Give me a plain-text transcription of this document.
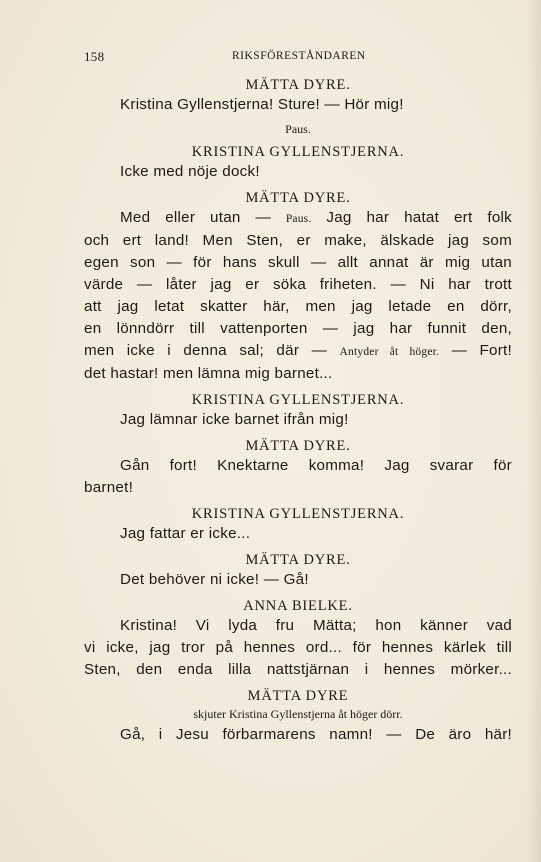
158	RIKSFÖRESTÅNDAREN
MÄTTA DYRE.
Kristina Gyllenstjerna! Sture! — Hör mig!
Paus.
KRISTINA GYLLENSTJERNA.
Icke med nöje dock!
MÄTTA DYRE.
Med eller utan — Paus. Jag har hatat ert folk
och ert land! Men Sten, er make, älskade jag som
egen son — för hans skull — allt annat är mig utan
värde — låter jag er söka friheten. — Ni har trott
att jag letat skatter här, men jag letade en dörr,
en lönndörr till vattenporten — jag har funnit den,
men icke i denna sal; där — Antyder åt höger. — Fort!
det hastar! men lämna mig barnet...
KRISTINA GYLLENSTJERNA.
Jag lämnar icke barnet ifrån mig!
MÄTTA DYRE.
Gån fort! Knektarne komma! Jag svarar för
barnet!
KRISTINA GYLLENSTJERNA.
Jag fattar er icke...
MÄTTA DYRE.
Det behöver ni icke! — Gå!
ANNA BIELKE.
Kristina! Vi lyda fru Mätta; hon känner vad
vi icke, jag tror på hennes ord... för hennes kärlek till
Sten, den enda lilla nattstjärnan i hennes mörker...
MÄTTA DYRE
skjuter Kristina Gyllenstjerna åt höger dörr.
Gå, i Jesu förbarmarens namn! — De äro här!
